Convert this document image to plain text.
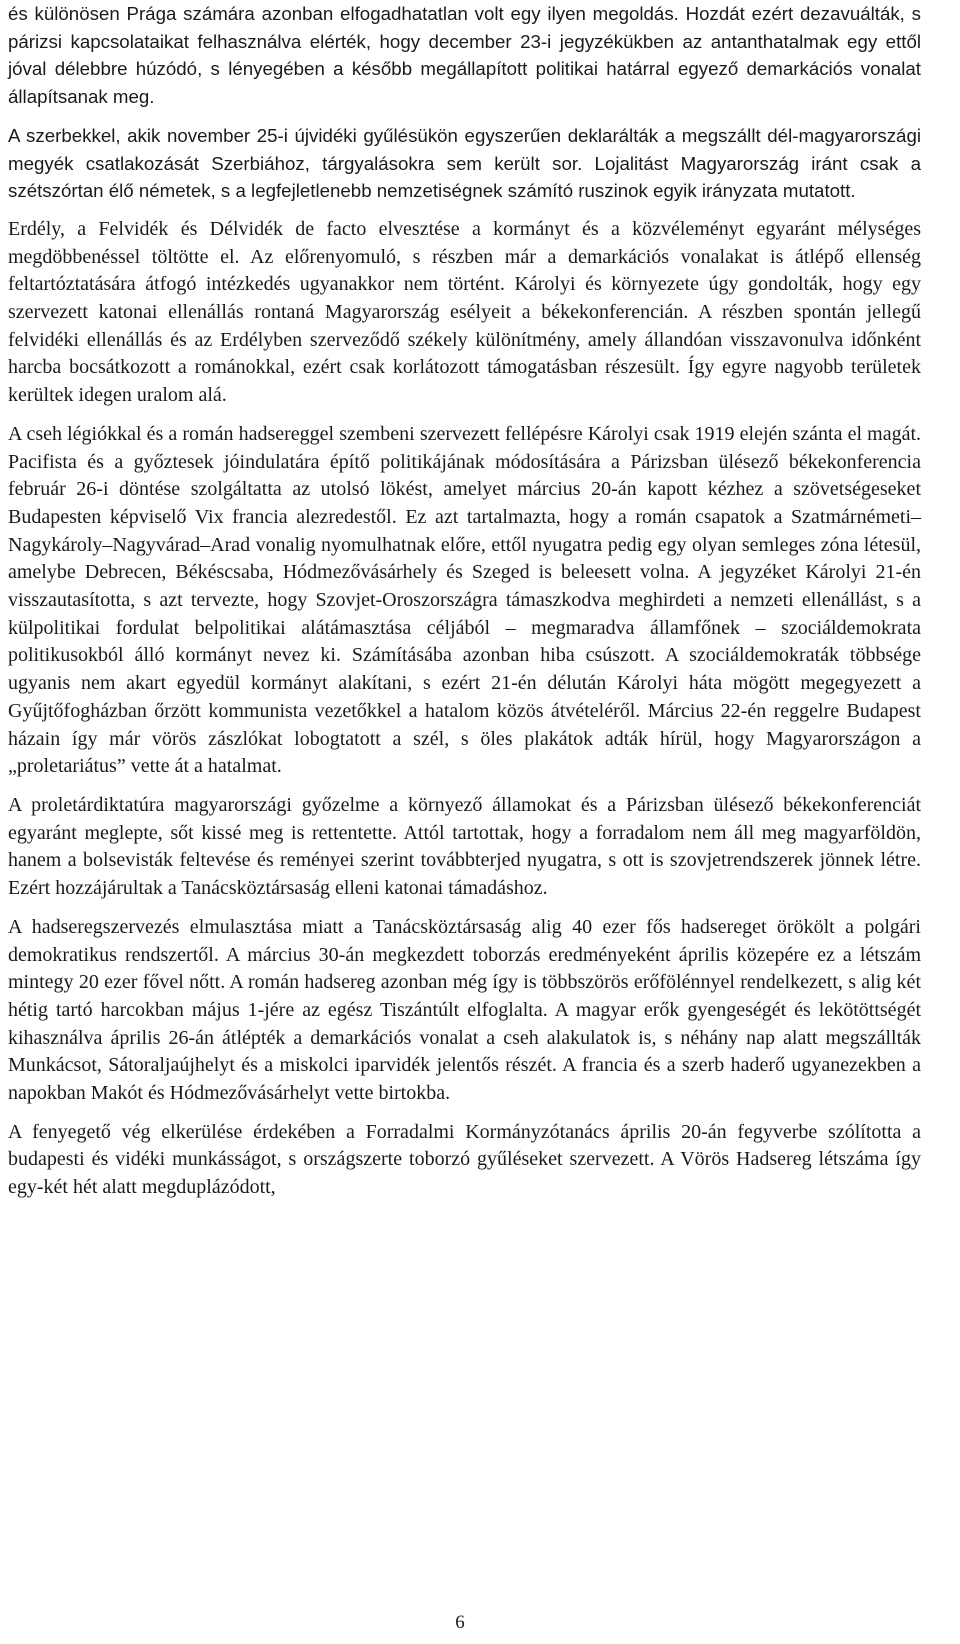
és különösen Prága számára azonban elfogadhatatlan volt egy ilyen megoldás. Hozdát ezért dezavuálták, s párizsi kapcsolataikat felhasználva elérték, hogy december 23-i jegyzékükben az antanthatalmak egy ettől jóval délebbre húzódó, s lényegében a később megállapított politikai határral egyező demarkációs vonalat állapítsanak meg.

A szerbekkel, akik november 25-i újvidéki gyűlésükön egyszerűen deklarálták a megszállt dél-magyarországi megyék csatlakozását Szerbiához, tárgyalásokra sem került sor. Lojalitást Magyarország iránt csak a szétszórtan élő németek, s a legfejletlenebb nemzetiségnek számító ruszinok egyik irányzata mutatott.

Erdély, a Felvidék és Délvidék de facto elvesztése a kormányt és a közvéleményt egyaránt mélységes megdöbbenéssel töltötte el. Az előrenyomuló, s részben már a demarkációs vonalakat is átlépő ellenség feltartóztatására átfogó intézkedés ugyanakkor nem történt. Károlyi és környezete úgy gondolták, hogy egy szervezett katonai ellenállás rontaná Magyarország esélyeit a békekonferencián. A részben spontán jellegű felvidéki ellenállás és az Erdélyben szerveződő székely különítmény, amely állandóan visszavonulva időnként harcba bocsátkozott a románokkal, ezért csak korlátozott támogatásban részesült. Így egyre nagyobb területek kerültek idegen uralom alá.

A cseh légiókkal és a román hadsereggel szembeni szervezett fellépésre Károlyi csak 1919 elején szánta el magát. Pacifista és a győztesek jóindulatára építő politikájának módosítására a Párizsban ülésező békekonferencia február 26-i döntése szolgáltatta az utolsó lökést, amelyet március 20-án kapott kézhez a szövetségeseket Budapesten képviselő Vix francia alezredestől. Ez azt tartalmazta, hogy a román csapatok a Szatmárnémeti–Nagykároly–Nagyvárad–Arad vonalig nyomulhatnak előre, ettől nyugatra pedig egy olyan semleges zóna létesül, amelybe Debrecen, Békéscsaba, Hódmezővásárhely és Szeged is beleesett volna. A jegyzéket Károlyi 21-én visszautasította, s azt tervezte, hogy Szovjet-Oroszországra támaszkodva meghirdeti a nemzeti ellenállást, s a külpolitikai fordulat belpolitikai alátámasztása céljából – megmaradva államfőnek – szociáldemokrata politikusokból álló kormányt nevez ki. Számításába azonban hiba csúszott. A szociáldemokraták többsége ugyanis nem akart egyedül kormányt alakítani, s ezért 21-én délután Károlyi háta mögött megegyezett a Gyűjtőfogházban őrzött kommunista vezetőkkel a hatalom közös átvételéről. Március 22-én reggelre Budapest házain így már vörös zászlókat lobogtatott a szél, s öles plakátok adták hírül, hogy Magyarországon a „proletariátus” vette át a hatalmat.

A proletárdiktatúra magyarországi győzelme a környező államokat és a Párizsban ülésező békekonferenciát egyaránt meglepte, sőt kissé meg is rettentette. Attól tartottak, hogy a forradalom nem áll meg magyarföldön, hanem a bolsevisták feltevése és reményei szerint továbbterjed nyugatra, s ott is szovjetrendszerek jönnek létre. Ezért hozzájárultak a Tanácsköztársaság elleni katonai támadáshoz.

A hadseregszervezés elmulasztása miatt a Tanácsköztársaság alig 40 ezer fős hadsereget örökölt a polgári demokratikus rendszertől. A március 30-án megkezdett toborzás eredményeként április közepére ez a létszám mintegy 20 ezer fővel nőtt. A román hadsereg azonban még így is többszörös erőfölénnyel rendelkezett, s alig két hétig tartó harcokban május 1-jére az egész Tiszántúlt elfoglalta. A magyar erők gyengeségét és lekötöttségét kihasználva április 26-án átlépték a demarkációs vonalat a cseh alakulatok is, s néhány nap alatt megszállták Munkácsot, Sátoraljaújhelyt és a miskolci iparvidék jelentős részét. A francia és a szerb haderő ugyanezekben a napokban Makót és Hódmezővásárhelyt vette birtokba.

A fenyegető vég elkerülése érdekében a Forradalmi Kormányzótanács április 20-án fegyverbe szólította a budapesti és vidéki munkásságot, s országszerte toborzó gyűléseket szervezett. A Vörös Hadsereg létszáma így egy-két hét alatt megduplázódott,

6
